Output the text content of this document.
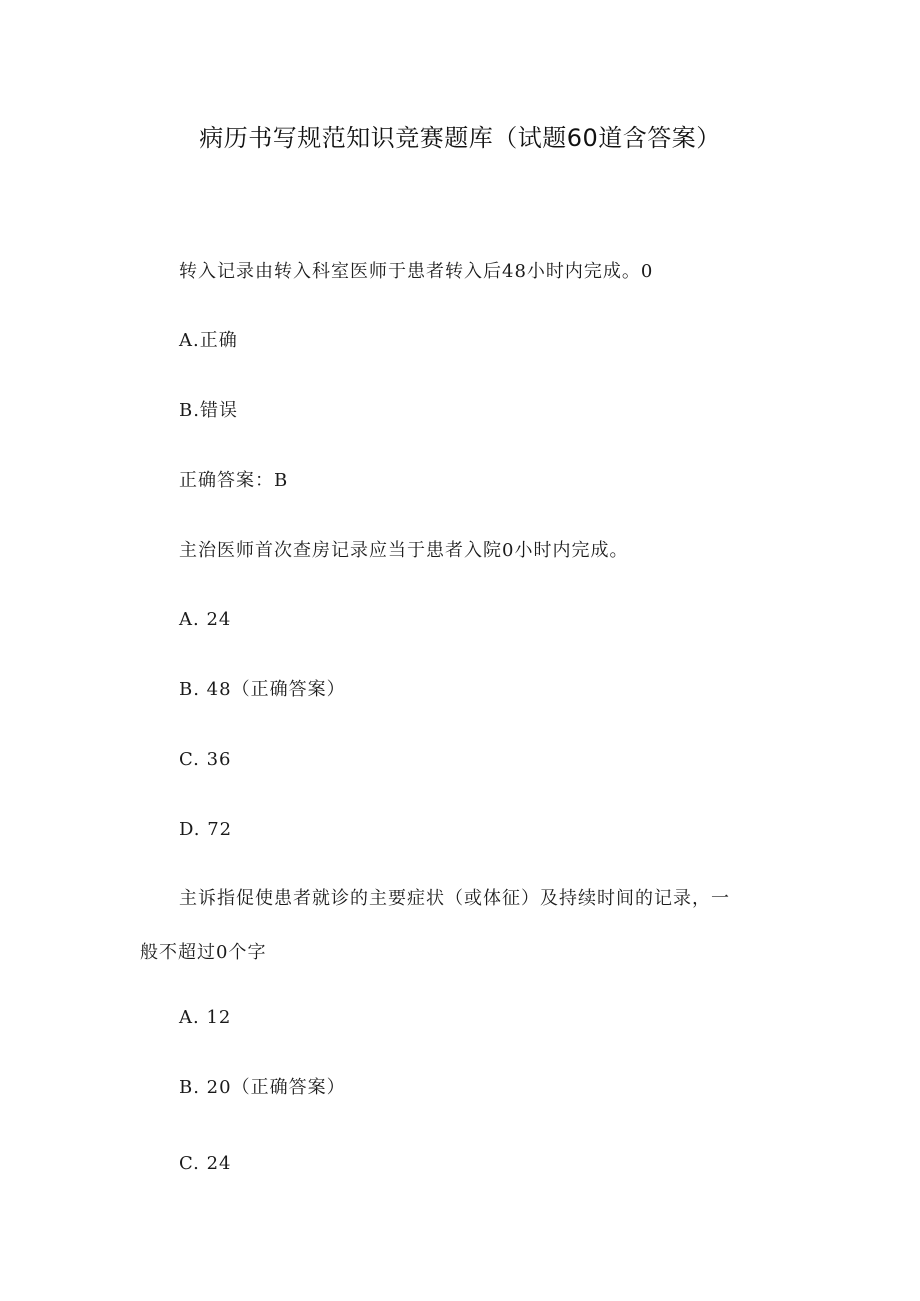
病历书写规范知识竞赛题库（试题60道含答案）
转入记录由转入科室医师于患者转入后48小时内完成。0
A.正确
B.错误
正确答案：B
主治医师首次查房记录应当于患者入院0小时内完成。
A. 24
B. 48（正确答案）
C. 36
D. 72
主诉指促使患者就诊的主要症状（或体征）及持续时间的记录，一
般不超过0个字
A. 12
B. 20（正确答案）
C. 24
